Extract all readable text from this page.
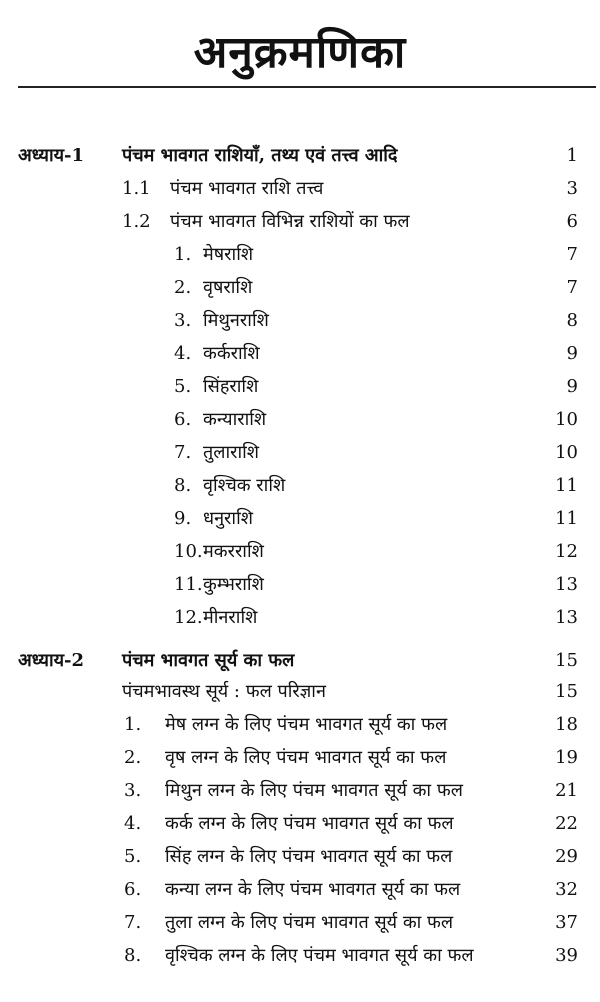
अनुक्रमणिका
अध्याय-1 पंचम भावगत राशियाँ, तथ्य एवं तत्त्व आदि	1
1.1 पंचम भावगत राशि तत्त्व	3
1.2 पंचम भावगत विभिन्न राशियों का फल	6
1. मेषराशि	7
2. वृषराशि	7
3. मिथुनराशि	8
4. कर्कराशि	9
5. सिंहराशि	9
6. कन्याराशि	10
7. तुलाराशि	10
8. वृश्चिक राशि	11
9. धनुराशि	11
10. मकरराशि	12
11. कुम्भराशि	13
12. मीनराशि	13
अध्याय-2 पंचम भावगत सूर्य का फल	15
पंचमभावस्थ सूर्य : फल परिज्ञान	15
1. मेष लग्न के लिए पंचम भावगत सूर्य का फल	18
2. वृष लग्न के लिए पंचम भावगत सूर्य का फल	19
3. मिथुन लग्न के लिए पंचम भावगत सूर्य का फल	21
4. कर्क लग्न के लिए पंचम भावगत सूर्य का फल	22
5. सिंह लग्न के लिए पंचम भावगत सूर्य का फल	29
6. कन्या लग्न के लिए पंचम भावगत सूर्य का फल	32
7. तुला लग्न के लिए पंचम भावगत सूर्य का फल	37
8. वृश्चिक लग्न के लिए पंचम भावगत सूर्य का फल	39
